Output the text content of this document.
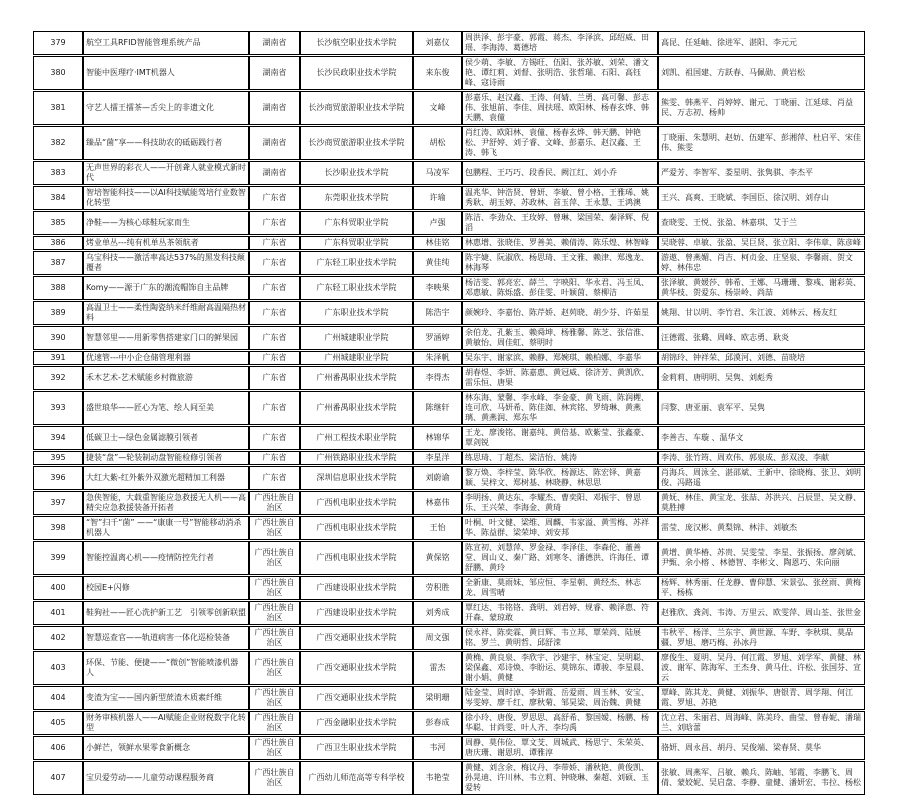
379	航空工具RFID智能管理系统产品	湖南省	长沙航空职业技术学院	刘嘉仪	周洪泽、彭宇豪、郭霞、蒋杰、李泽滨、邱绍威、田瑶、李海涛、葛德培	高昆、任延岫、徐进军、湛阳、李元元
380	智能中医理疗·IMT机器人	湖南省	长沙民政职业技术学院	来东俊	侯少萌、李敏、方锡旺、伍阳、张苏敏、刘荣、潘文艳、谭红莉、刘督、张明浩、张哲瑞、石阳、高钰峰、寇诗雨	刘凯、祖国建、方跃春、马佩勋、黄岩松
381	守艺人擂王擂茶—舌尖上的非遗文化	湖南省	长沙商贸旅游职业技术学院	文峰	彭嘉乐、赵汉鑫、王涛、何婧、兰勇、高可馨、彭志伟、张旭前、李佳、周扶瑶、欧阳林、杨春玄烨、韩天鹏、袁僮	熊雯、韩燕平、肖婷婷、谢元、丁晓丽、江延球、肖益民、万志初、杨帅
382	臻品“菌”享——科技助农的砥砺践行者	湖南省	长沙商贸旅游职业技术学院	胡松	肖红涛、欧阳林、袁僮、杨春玄烨、韩天鹏、钟艳松、尹舒婷、刘子睿、文峰、彭嘉乐、赵汉鑫、王涛、韩飞	丁晓丽、朱慧明、赵妨、伍建军、彭湘萍、杜启平、宋佳伟、熊雯
383	无声世界的彩衣人——开创聋人就业模式新时代	湖南省	长沙职业技术学院	马凌军	包鹏程、王巧巧、段香民、阙江红、刘小乔	严爱芳、李智军、娄星明、张隽骐、李杰平
384	智培智能科技——以AI科技赋能驾培行业数智化转型	广东省	东莞职业技术学院	许瑜	温兆华、钟浩贤、曾妍、李敏、曾小格、王雅琋、姚秀耿、胡玉婷、苏政林、首玉萍、王永慧、王鸿澳	王兴、高爽、王晓斌、李国臣、徐汉明、刘存山
385	净鞋——为核心球鞋玩家而生	广东省	广东科贸职业学院	卢强	陈洁、李劲众、王玫婷、曾琳、梁国荣、秦泽辉、倪滔	查晓雯、王悦、张盈、林嘉琪、艾于兰
386	烤业单丛---纯有机单丛茶领航者	广东省	广东科贸职业学院	林佳铭	林惠增、张晓佳、罗善美、赖倩涛、陈乐煌、林智峰	吴晓蓉、卓敏、张盈、吴巨贤、张立阳、李伟章、陈彦峰
387	乌宝科技——激活率高达537%的黑发科技颠覆者	广东省	广东轻工职业技术学院	黄佳纯	陈宇婕、阮淑欣、杨思琦、王文雅、赖津、郑逸龙、林海琴	游遨、曾燕媚、肖吉、柯贞金、庄坚泉、李馨雨、贺文婷、林伟忠
388	Komy——源于广东的潮流帽饰自主品牌	广东省	广东轻工职业技术学院	李映果	杨洁雯、郭亮宏、薛兰、字映阳、华永君、冯玉凤、邓惠敏、陈烁盛、彭佳雯、叶颖茵、蔡柳洁	张泽敏、黄媛莎、韩希、王娜、马珊珊、黎彧、谢彩英、黄华枝、贺爱东、杨崇岭、尚喆
389	高温卫士——柔性陶瓷纳米纤维耐高温隔热材料	广东省	广东职业技术学院	陈浩宇	颜婉玲、李嘉怡、陈芹娇、赵茢晓、胡少芬、许茹星	姚翔、甘以明、李竹君、朱江波、刘林云、杨友红
390	智慧邻里——用新零售搭建家门口的鲜果园	广东省	广州城建职业学院	罗涵婷	余伯龙、孔紫玉、赖舜坤、杨雅馨、陈芝、张信淮、黄敏怡、周佳虹、蔡明时	汪德霞、张璐、周峰、欧志勇、耿炎
391	优速管---中小企仓储管理利器	广东省	广州城建职业学院	朱泽帆	吴东宇、谢家滨、赖静、郑婉琪、赖柏娜、李嘉华	胡锦玲、钟祥荣、邱漠河、刘德、苗晓培
392	禾木艺术-艺术赋能乡村微旅游	广东省	广州番禺职业技术学院	李得杰	胡春煜、李妍、陈嘉惠、黄冠威、徐济芳、黄凯欣、雷乐恒、唐果	金莉莉、唐明明、吴隽、刘彪秀
393	盛世琅华——匠心为笔、绘人间至美	广东省	广州番禺职业技术学院	陈继轩	林东海、蒙馨、李永峰、李金豪、黄飞雨、陈润榸、连可欣、马妍希、陈佳洳、林宾铭、罗绮琳、黄燕璃、黄燕润、郑东华	闫黎、唐亚丽、袁军平、吴隽
394	低碳卫士—绿色金属滤膜引领者	广东省	广州工程技术职业学院	林锦华	王龙、廖浚铭、谢嘉纯、黄倍基、欧紫莹、张鑫豪、覃剑锐	李善吉、车璇 、温华文
395	捷装“盘”—轮装制动盘智能检修引领者	广东省	广州铁路职业技术学院	李星洋	练思琦、丁超杰、梁洁怡、姚涛	李涛、张竹筠、周欢伟、郭泉成、彭双凌、李献
396	大红大紫-红外紫外双激光超精加工利器	广东省	深圳信息职业技术学院	刘蔚谕	黎万焕、李梓莹、陈华欣、杨源达、陈宏铎、黄嘉颖、吴梓文、郑树基、林晓静、林思思	肖海兵、周泳全、湛邵斌、王新中、徐晓梅、张卫、刘明俊、冯路遥
397	急侠智能，大载重智能应急救援无人机——高精尖应急救援装备开拓者	广西壮族自治区	广西机电职业技术学院	林嘉伟	李明扬、黄达东、李耀杰、曹奕阳、邓振宇、曾恩乐、王兴荣、李海金、黄琦	黄妩、林佳、黄宝龙、张喆、苏洪兴、吕辰罡、吴文静、莫胜搏
398	“智”扫千“菌” ——“康康一号”智能移动消杀机器人	广西壮族自治区	广西机电职业技术学院	王怡	叶桐、叶文健、梁维、周麟、韦家溢、黄雪梅、苏祥华、陈益群、梁荣坤、刘安邦	雷莹、庞汉彬、黄梨锦、林沣、刘敏杰
399	智能控温离心机——疫情防控先行者	广西壮族自治区	广西机电职业技术学院	黄保铭	陈宣初、刘慧萍、罗金禄、李泽佳、李森伦、董善堂、周山义、秦广路、刘寒冬、潘德洪、许海任、谭舒鹏、黄玲	黄增、黄华椿、苏贵、吴雯莹、李星、张振扬、廖剑斌、尹甄、余小榕 、林德智、李彬文、陶恩巧、朱向丽
400	校园E+闪修	广西壮族自治区	广西建设职业技术学院	劳积胜	全新康、莫雨妹、邹应恒、李星朝、黄经杰、林志龙、周雪晴	杨辉、林秀丽、任龙静、曹仰慧、宋景弘、张丝雨、黄梅平、杨栋
401	鞋狗社——匠心洗护新工艺　引领零创新联盟	广西壮族自治区	广西建设职业技术学院	刘秀成	覃红达、韦铭铬、龚明、刘君婷、规睿、赖泽惠、符开森、蒙琼敢	赵雅欣、龚剑、韦涛、万里云、欧雯萍、周山荃、张世金
402	智慧巡查官——轨道病害一体化巡检装备	广西壮族自治区	广西交通职业技术学院	周文强	侯永祥、陈奕霖、黄日辉、韦立邦、覃荣尚、陆展铭、罗兰、黄明哲、邱舒溁	韦秋平、杨洋、兰东宇、黄世源、车野、李秋琪、莫品疆、罗旭、磨巧梅、孙冰丹
403	环保、节能、便捷——“微创”智能喷漆机器人	广西壮族自治区	广西交通职业技术学院	雷杰	黄桷、黄良泉、李欣宇、沙建宇、林宝定、吴明聪、梁保鑫、邓诗焕、李盼运、莫锦东、谭骏、李星晨、谢小娟、黄健	廖俊生、夏明、吴丹、何江霞、罗旭、刘学军、黄健、林波、谢军、陈海军、王杰身、黄马仕、许松、张国芬、宣云
404	变渣为宝——国内新型蔗渣木质素纤维	广西壮族自治区	广西交通职业技术学院	梁明珊	陆金莹、周时淖、李妍霞、岳爱雨、周玉林、安宝、岑雯婷、廖千红、廖秋菊、邹昊梁、周治魏、黄健	覃峰、陈其龙、黄健、刘振华、唐银青、周学翔、何江霞、罗旭、苏艳
405	财务审核机器人——AI赋能企业财税数字化转型	广西壮族自治区	广西金融职业技术学院	彭春成	徐小玲、唐俊、罗思思、高舒希、黎国嫒、杨鹏、杨华聪、甘尚雯、叶人齐、李均禹	沈立君、朱丽君、周海峰、陈美玲、曲莹、曾春妮、潘瑞兰、刘晗蕾
406	小鲜芒，领鲜水果零食新概念	广西壮族自治区	广西卫生职业技术学院	韦河	周静、莫伟俭、覃文芠、周城武、杨思宁、朱荣英、唐庆珊、谢恩玥、谭雅淳	骆妍、周永昌、胡丹、吴俊端、梁春贤、莫华
407	宝贝爱劳动——儿童劳动课程服务商	广西壮族自治区	广西幼儿师范高等专科学校	韦艳莹	黄健、刘含余、梅议丹、李带娇、潘秋艳、黄俊凯、孙晃迪、许川林、韦立莉、钟晓琳、秦超、刘硕、玉爱转	张敏、周燕军、吕敏、赖兵、陈岫、邹霞、李鹏飞、周倩、蒙姣妮、吴启盘、李静、童健、潘妍宏、韦拉、杨松
